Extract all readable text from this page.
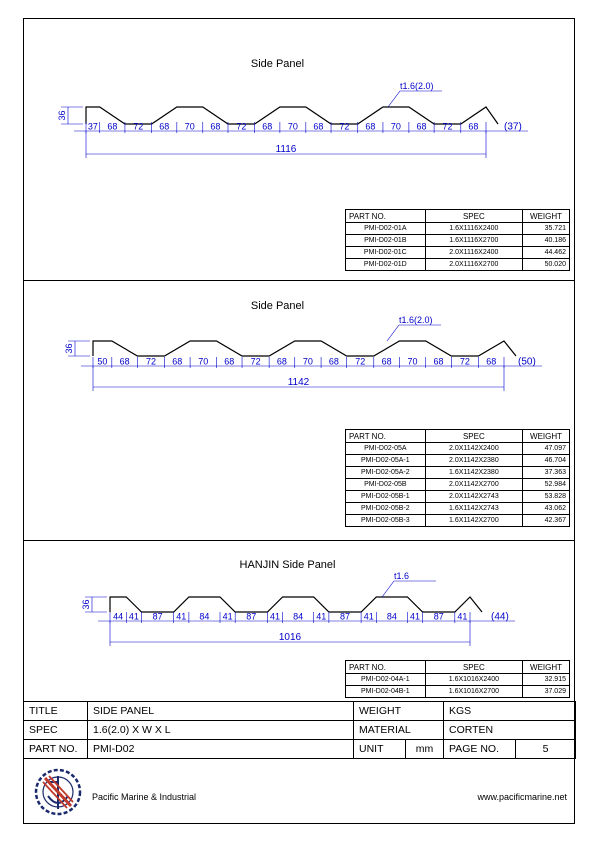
Side Panel
37 68 72 68 70 68 72 68 70 68 72 68 70 68 72 68	(37)
36
1116
t1.6(2.0)
PART NO.	SPEC	WEIGHT
PMI-D02-01A	1.6X1116X2400	35.721
PMI-D02-01B	1.6X1116X2700	40.186
PMI-D02-01C	2.0X1116X2400	44.462
PMI-D02-01D	2.0X1116X2700	50.020
Side Panel
50 68 72 68 70 68 72 68 70 68 72 68 70 68 72 68 (50)
36
1142
t1.6(2.0)
PART NO.	SPEC	WEIGHT
PMI-D02-05A	2.0X1142X2400	47.097
PMI-D02-05A-1	2.0X1142X2380	46.704
PMI-D02-05A-2	1.6X1142X2380	37.363
PMI-D02-05B	2.0X1142X2700	52.984
PMI-D02-05B-1	2.0X1142X2743	53.828
PMI-D02-05B-2	1.6X1142X2743	43.062
PMI-D02-05B-3	1.6X1142X2700	42.367
HANJIN Side Panel
44 41 87 41 84 41 87 41 84 41 87 41 84 41 87 41 (44)
36
1016
t1.6
PART NO.	SPEC	WEIGHT
PMI-D02-04A-1	1.6X1016X2400	32.915
PMI-D02-04B-1	1.6X1016X2700	37.029
TITLE	SIDE PANEL	WEIGHT		KGS	
SPEC	1.6(2.0) X W X L	MATERIAL		CORTEN	
PART NO.	PMI-D02	UNIT	mm	PAGE NO.	5
Pacific Marine & Industrial	www.pacificmarine.net
